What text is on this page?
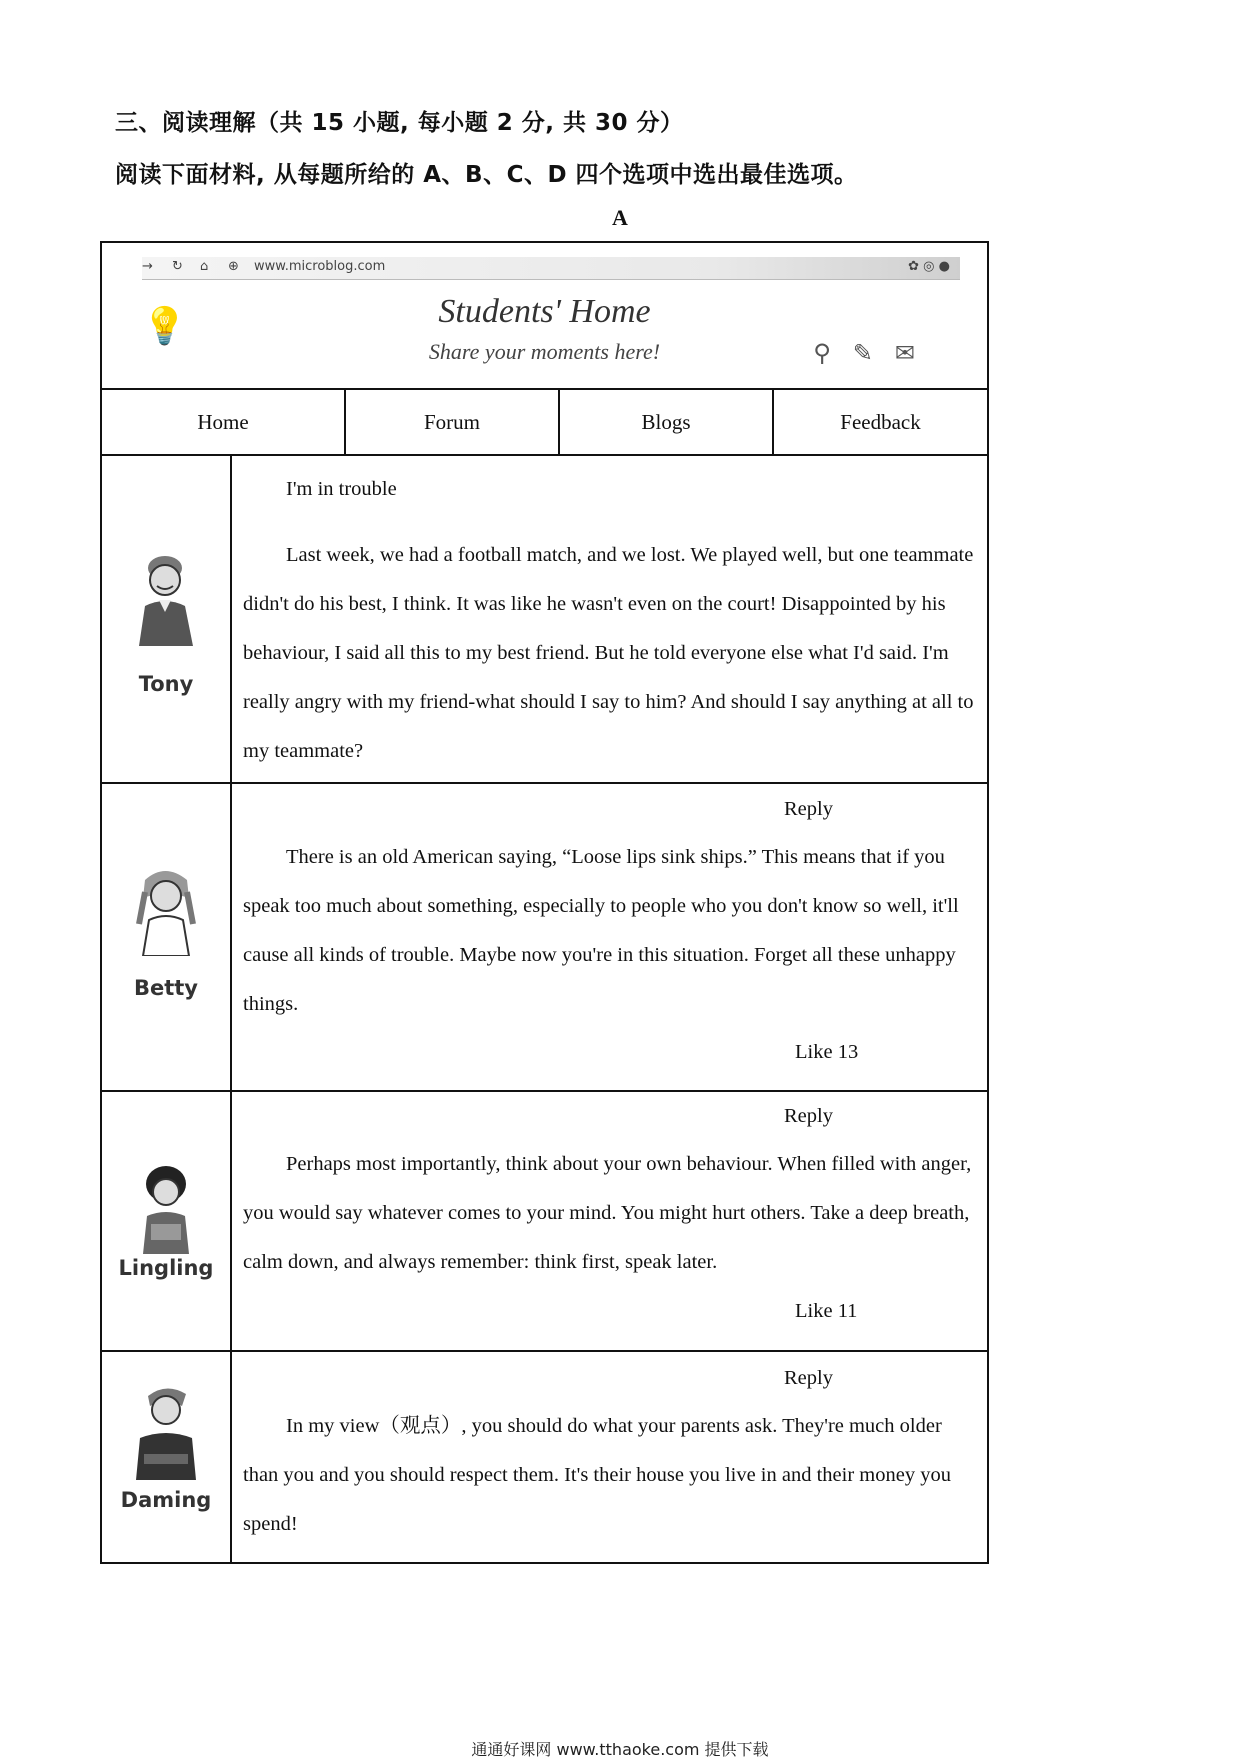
三、阅读理解（共 15 小题, 每小题 2 分, 共 30 分）
阅读下面材料, 从每题所给的 A、B、C、D 四个选项中选出最佳选项。
A
→ ↻ ⌂ ⊕ www.microblog.com	✿ ◎ ●
💡	Students' Home
Share your moments here!	⚲ ✎ ✉
Home	Forum	Blogs	Feedback
Tony
I'm in trouble

Last week, we had a football match, and we lost. We played well, but one teammate didn't do his best, I think. It was like he wasn't even on the court! Disappointed by his behaviour, I said all this to my best friend. But he told everyone else what I'd said. I'm really angry with my friend-what should I say to him? And should I say anything at all to my teammate?

Betty
Reply

There is an old American saying, “Loose lips sink ships.” This means that if you speak too much about something, especially to people who you don't know so well, it'll cause all kinds of trouble. Maybe now you're in this situation. Forget all these unhappy things.

Like 13
Lingling
Reply

Perhaps most importantly, think about your own behaviour. When filled with anger, you would say whatever comes to your mind. You might hurt others. Take a deep breath, calm down, and always remember: think first, speak later.

Like 11
Daming
Reply

In my view（观点）, you should do what your parents ask. They're much older than you and you should respect them. It's their house you live in and their money you spend!

通通好课网 www.tthaoke.com 提供下载
